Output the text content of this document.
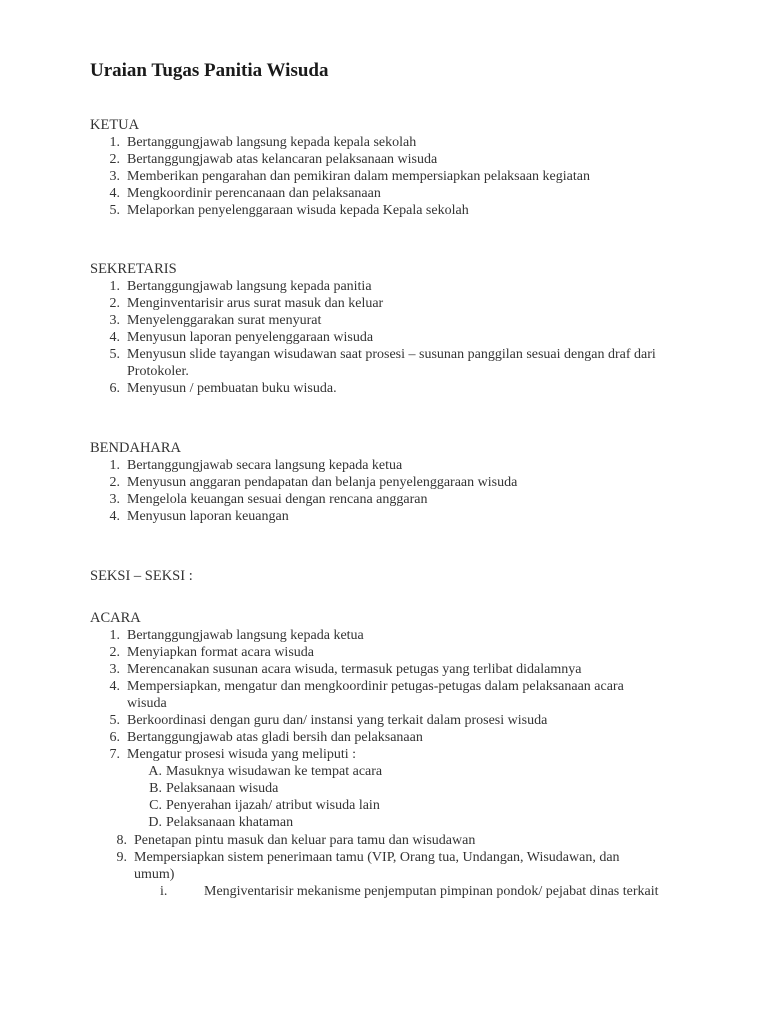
Uraian Tugas Panitia Wisuda
KETUA
1. Bertanggungjawab langsung kepada kepala sekolah
2. Bertanggungjawab atas kelancaran pelaksanaan wisuda
3. Memberikan pengarahan dan pemikiran dalam mempersiapkan pelaksaan kegiatan
4. Mengkoordinir perencanaan dan pelaksanaan
5. Melaporkan penyelenggaraan wisuda kepada Kepala sekolah
SEKRETARIS
1. Bertanggungjawab langsung kepada panitia
2. Menginventarisir arus surat masuk dan keluar
3. Menyelenggarakan surat menyurat
4. Menyusun laporan penyelenggaraan wisuda
5. Menyusun slide tayangan wisudawan saat prosesi – susunan panggilan sesuai dengan draf dari
Protokoler.
6. Menyusun / pembuatan buku wisuda.
BENDAHARA
1. Bertanggungjawab secara langsung kepada ketua
2. Menyusun anggaran pendapatan dan belanja penyelenggaraan wisuda
3. Mengelola keuangan sesuai dengan rencana anggaran
4. Menyusun laporan keuangan
SEKSI – SEKSI :
ACARA
1. Bertanggungjawab langsung kepada ketua
2. Menyiapkan format acara wisuda
3. Merencanakan susunan acara wisuda, termasuk petugas yang terlibat didalamnya
4. Mempersiapkan, mengatur dan mengkoordinir petugas-petugas dalam pelaksanaan acara
wisuda
5. Berkoordinasi dengan guru dan/ instansi yang terkait dalam prosesi wisuda
6. Bertanggungjawab atas gladi bersih dan pelaksanaan
7. Mengatur prosesi wisuda yang meliputi :
A. Masuknya wisudawan ke tempat acara
B. Pelaksanaan wisuda
C. Penyerahan ijazah/ atribut wisuda lain
D. Pelaksanaan khataman
8. Penetapan pintu masuk dan keluar para tamu dan wisudawan
9. Mempersiapkan sistem penerimaan tamu (VIP, Orang tua, Undangan, Wisudawan, dan
umum)
i.	Mengiventarisir mekanisme penjemputan pimpinan pondok/ pejabat dinas terkait
